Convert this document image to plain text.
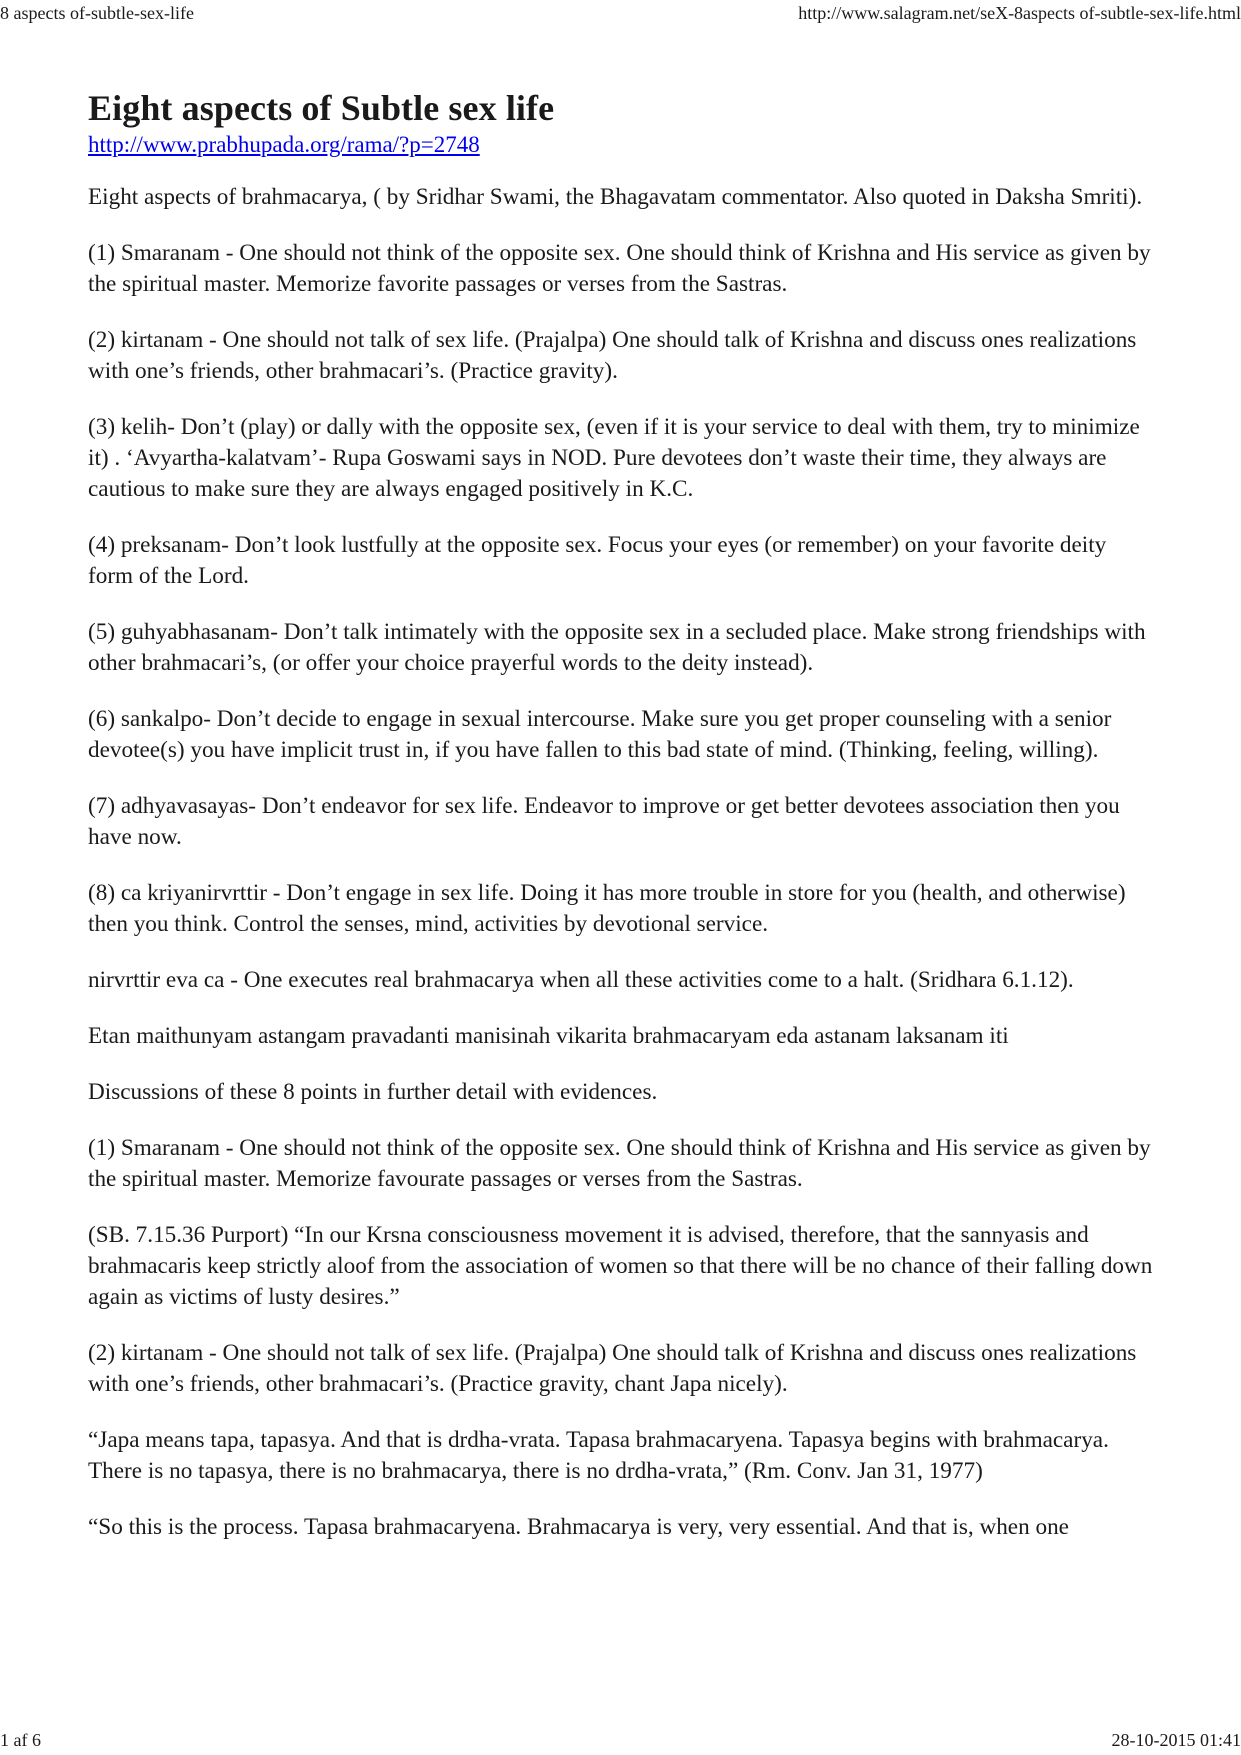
8 aspects of-subtle-sex-life	http://www.salagram.net/seX-8aspects of-subtle-sex-life.html
Eight aspects of Subtle sex life
http://www.prabhupada.org/rama/?p=2748

Eight aspects of brahmacarya, ( by Sridhar Swami, the Bhagavatam commentator. Also quoted in Daksha Smriti).

(1) Smaranam - One should not think of the opposite sex. One should think of Krishna and His service as given by the spiritual master. Memorize favorite passages or verses from the Sastras.

(2) kirtanam - One should not talk of sex life. (Prajalpa) One should talk of Krishna and discuss ones realizations with one’s friends, other brahmacari’s. (Practice gravity).

(3) kelih- Don’t (play) or dally with the opposite sex, (even if it is your service to deal with them, try to minimize it) . ‘Avyartha-kalatvam’- Rupa Goswami says in NOD. Pure devotees don’t waste their time, they always are cautious to make sure they are always engaged positively in K.C.

(4) preksanam- Don’t look lustfully at the opposite sex. Focus your eyes (or remember) on your favorite deity form of the Lord.

(5) guhyabhasanam- Don’t talk intimately with the opposite sex in a secluded place. Make strong friendships with other brahmacari’s, (or offer your choice prayerful words to the deity instead).

(6) sankalpo- Don’t decide to engage in sexual intercourse. Make sure you get proper counseling with a senior devotee(s) you have implicit trust in, if you have fallen to this bad state of mind. (Thinking, feeling, willing).

(7) adhyavasayas- Don’t endeavor for sex life. Endeavor to improve or get better devotees association then you have now.

(8) ca kriyanirvrttir - Don’t engage in sex life. Doing it has more trouble in store for you (health, and otherwise) then you think. Control the senses, mind, activities by devotional service.

nirvrttir eva ca - One executes real brahmacarya when all these activities come to a halt. (Sridhara 6.1.12).

Etan maithunyam astangam pravadanti manisinah vikarita brahmacaryam eda astanam laksanam iti

Discussions of these 8 points in further detail with evidences.

(1) Smaranam - One should not think of the opposite sex. One should think of Krishna and His service as given by the spiritual master. Memorize favourate passages or verses from the Sastras.

(SB. 7.15.36 Purport) “In our Krsna consciousness movement it is advised, therefore, that the sannyasis and brahmacaris keep strictly aloof from the association of women so that there will be no chance of their falling down again as victims of lusty desires.”

(2) kirtanam - One should not talk of sex life. (Prajalpa) One should talk of Krishna and discuss ones realizations with one’s friends, other brahmacari’s. (Practice gravity, chant Japa nicely).

“Japa means tapa, tapasya. And that is drdha-vrata. Tapasa brahmacaryena. Tapasya begins with brahmacarya. There is no tapasya, there is no brahmacarya, there is no drdha-vrata,” (Rm. Conv. Jan 31, 1977)

“So this is the process. Tapasa brahmacaryena. Brahmacarya is very, very essential. And that is, when one

1 af 6	28-10-2015 01:41
